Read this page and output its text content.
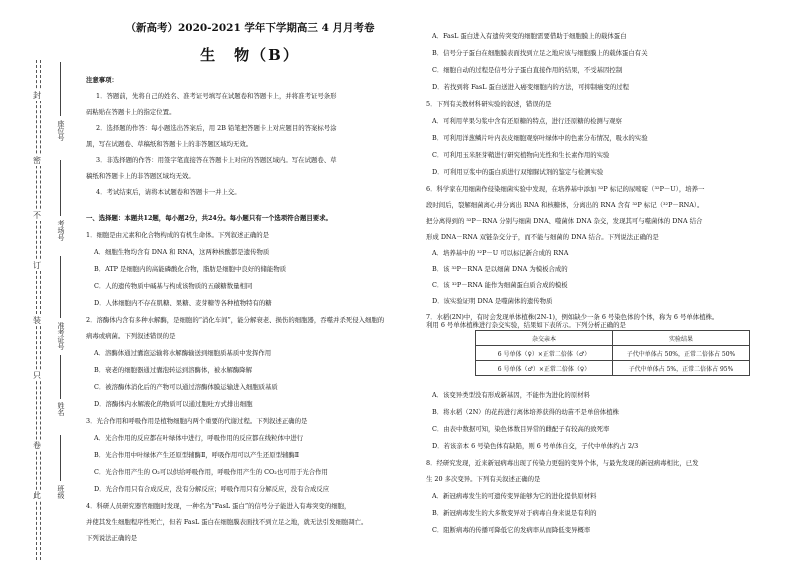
封
密
不
订
装
只
卷
此
座位号
考场号
准考证号
姓名
班级
（新高考）2020-2021 学年下学期高三 4 月月考卷
生　物（B）
注意事项：
1．答题前，先将自己的姓名、准考证号填写在试题卷和答题卡上，并将准考证号条形
码粘贴在答题卡上的指定位置。
2．选择题的作答：每小题选出答案后，用 2B 铅笔把答题卡上对应题目的答案标号涂
黑，写在试题卷、草稿纸和答题卡上的非答题区域均无效。
3．非选择题的作答：用签字笔直接答在答题卡上对应的答题区域内。写在试题卷、草
稿纸和答题卡上的非答题区域均无效。
4．考试结束后，请将本试题卷和答题卡一并上交。
一、选择题：本题共12题，每小题2分，共24分。每小题只有一个选项符合题目要求。
1．细胞是由元素和化合物构成的有机生命体。下列叙述正确的是
A．细胞生物均含有 DNA 和 RNA，这两种核酸都是遗传物质
B．ATP 是细胞内的高能磷酸化合物，脂肪是细胞中良好的储能物质
C．人的遗传物质中碱基与构成该物质的五碳糖数量相同
D．人体细胞内不存在肌糖、果糖、麦芽糖等各种植物特有的糖
2．溶酶体内含有多种水解酶，是细胞的“消化车间”，能分解衰老、损伤的细胞器，吞噬并杀死侵入细胞的
病毒或病菌。下列叙述错误的是
A．溶酶体通过囊泡运输将水解酶输送到细胞质基质中发挥作用
B．衰老的细胞器通过囊泡转运到溶酶体，被水解酶降解
C．被溶酶体消化后的产物可以通过溶酶体膜运输进入细胞质基质
D．溶酶体内水解液化的物质可以通过胞吐方式排出细胞
3．光合作用和呼吸作用是植物细胞内两个重要的代谢过程。下列叙述正确的是
A．光合作用的反应都在叶绿体中进行，呼吸作用的反应都在线粒体中进行
B．光合作用中叶绿体产生还原型辅酶Ⅱ，呼吸作用可以产生还原型辅酶Ⅱ
C．光合作用产生的 O₂可以供给呼吸作用，呼吸作用产生的 CO₂也可用于光合作用
D．光合作用只有合成反应，没有分解反应；呼吸作用只有分解反应，没有合成反应
4．科研人员研究器官细胞时发现，一种名为“FasL 蛋白”的信号分子能进入有毒突变的细胞，
并使其发生细胞程序性死亡，但若 FasL 蛋白在细胞膜表面找不到立足之地，就无法引发细胞凋亡。
下列说法正确的是
A．FasL 蛋白进入有遗传突变的细胞需要借助于细胞膜上的载体蛋白
B．信号分子蛋白在细胞膜表面找到立足之地应该与细胞膜上的载体蛋白有关
C．细胞自动的过程是信号分子蛋白直接作用的结果，不受基因控制
D．若找到将 FasL 蛋白送进入癌变细胞内的方法，可抑制癌变的过程
5．下列有关教材科研实验的叙述，错误的是
A．可利用苹果匀浆中含有还原糖的特点，进行还原糖的检测与观察
B．可利用洋葱鳞片叶内表皮细胞观察叶绿体中的色素分布情况，吸水的实验
C．可利用玉米胚芽鞘进行研究植物向光性和生长素作用的实验
D．可利用豆浆中的蛋白质进行双缩脲试剂的鉴定与检测实验
6．科学家在用细菌作侵染细菌实验中发现，在培养基中添加 ³²P 标记的尿嘧啶（³²P－U），培养一
段时间后，裂解细菌离心并分离出 RNA 和核糖体，分离出的 RNA 含有 ³²P 标记（³²P－RNA）。
把分离得到的 ³²P－RNA 分别与细菌 DNA、噬菌体 DNA 杂交，发现其可与噬菌体的 DNA 结合
形成 DNA－RNA 双链杂交分子，而不能与细菌的 DNA 结合。下列说法正确的是
A．培养基中的 ³²P－U 可以标记新合成的 RNA
B．该 ³²P－RNA 是以细菌 DNA 为模板合成的
C．该 ³²P－RNA 能作为细菌蛋白质合成的模板
D．该实验证明 DNA 是噬菌体的遗传物质
杂交亲本	实验结果
6 号单体（♀）×正常二倍体（♂）	子代中单体占 50%，正常二倍体占 50%
6 号单体（♂）×正常二倍体（♀）	子代中单体占 5%，正常二倍体占 95%
7．水稻(2N)中，有时会发现单体植株(2N-1)，例如缺少一条 6 号染色体的个体，称为 6 号单体植株。
A．该变异类型没有形成新基因，不能作为进化的原材料
B．将水稻（2N）的花药进行离体培养获得的幼苗不是单倍体植株
C．由表中数据可知，染色体数目异常的雌配子有较高的致死率
D．若该亲本 6 号染色体有缺陷，则 6 号单体自交，子代中单体约占 2/3
8．经研究发现，近来新冠病毒出现了传染力更强的变异个体，与最先发现的新冠病毒相比，已发
生 20 多次变异。下列有关叙述正确的是
A．新冠病毒发生的可遗传变异能够为它的进化提供原材料
B．新冠病毒发生的大多数变异对于病毒自身来说是有利的
C．阻断病毒的传播可降低它的发病率从而降低变异概率
利用 6 号单体植株进行杂交实验，结果如下表所示。下列分析正确的是
